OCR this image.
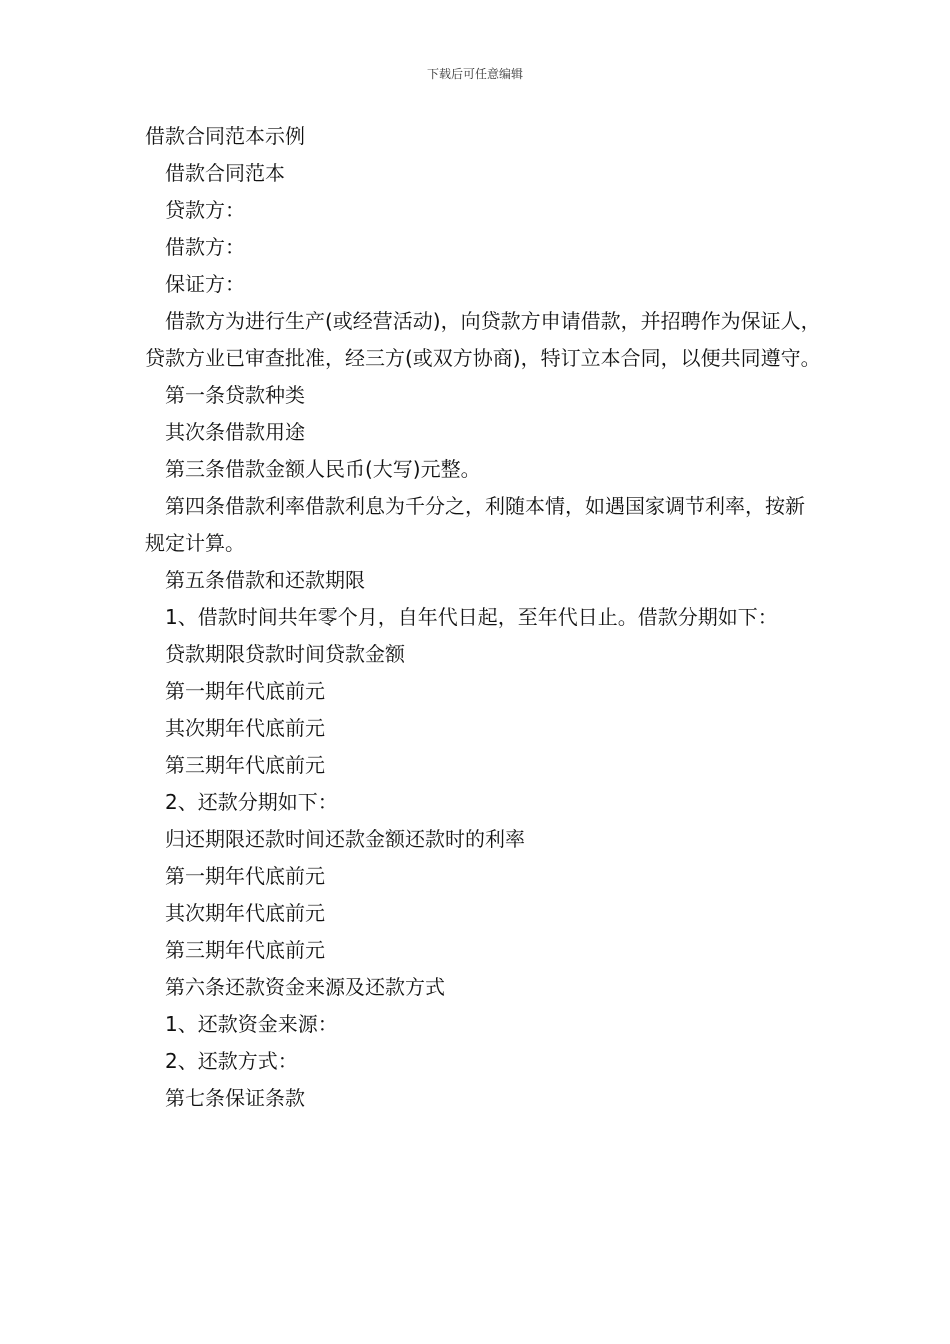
下载后可任意编辑

借款合同范本示例

借款合同范本

贷款方：

借款方：

保证方：

借款方为进行生产(或经营活动)，向贷款方申请借款，并招聘作为保证人，贷款方业已审查批准，经三方(或双方协商)，特订立本合同，以便共同遵守。

第一条贷款种类

其次条借款用途

第三条借款金额人民币(大写)元整。

第四条借款利率借款利息为千分之，利随本情，如遇国家调节利率，按新规定计算。

第五条借款和还款期限

1、借款时间共年零个月，自年代日起，至年代日止。借款分期如下：

贷款期限贷款时间贷款金额

第一期年代底前元

其次期年代底前元

第三期年代底前元

2、还款分期如下：

归还期限还款时间还款金额还款时的利率

第一期年代底前元

其次期年代底前元

第三期年代底前元

第六条还款资金来源及还款方式

1、还款资金来源：

2、还款方式：

第七条保证条款
